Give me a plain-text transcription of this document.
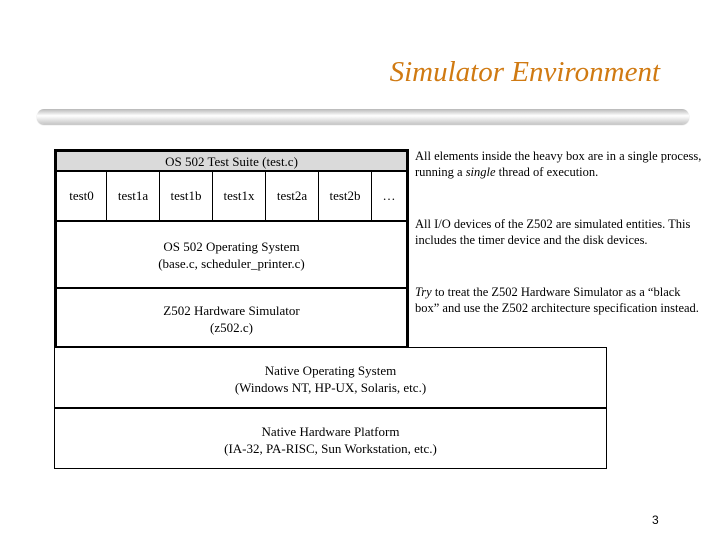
Simulator Environment
OS 502 Test Suite (test.c)
test0	test1a	test1b	test1x	test2a	test2b	…
OS 502 Operating System
(base.c, scheduler_printer.c)
Z502 Hardware Simulator
(z502.c)
Native Operating System
(Windows NT, HP-UX, Solaris, etc.)
Native Hardware Platform
(IA-32, PA-RISC, Sun Workstation, etc.)
All elements inside the heavy box are in a single process, running a single thread of execution.
All I/O devices of the Z502 are simulated entities. This includes the timer device and the disk devices.
Try to treat the Z502 Hardware Simulator as a “black box” and use the Z502 architecture specification instead.
3
